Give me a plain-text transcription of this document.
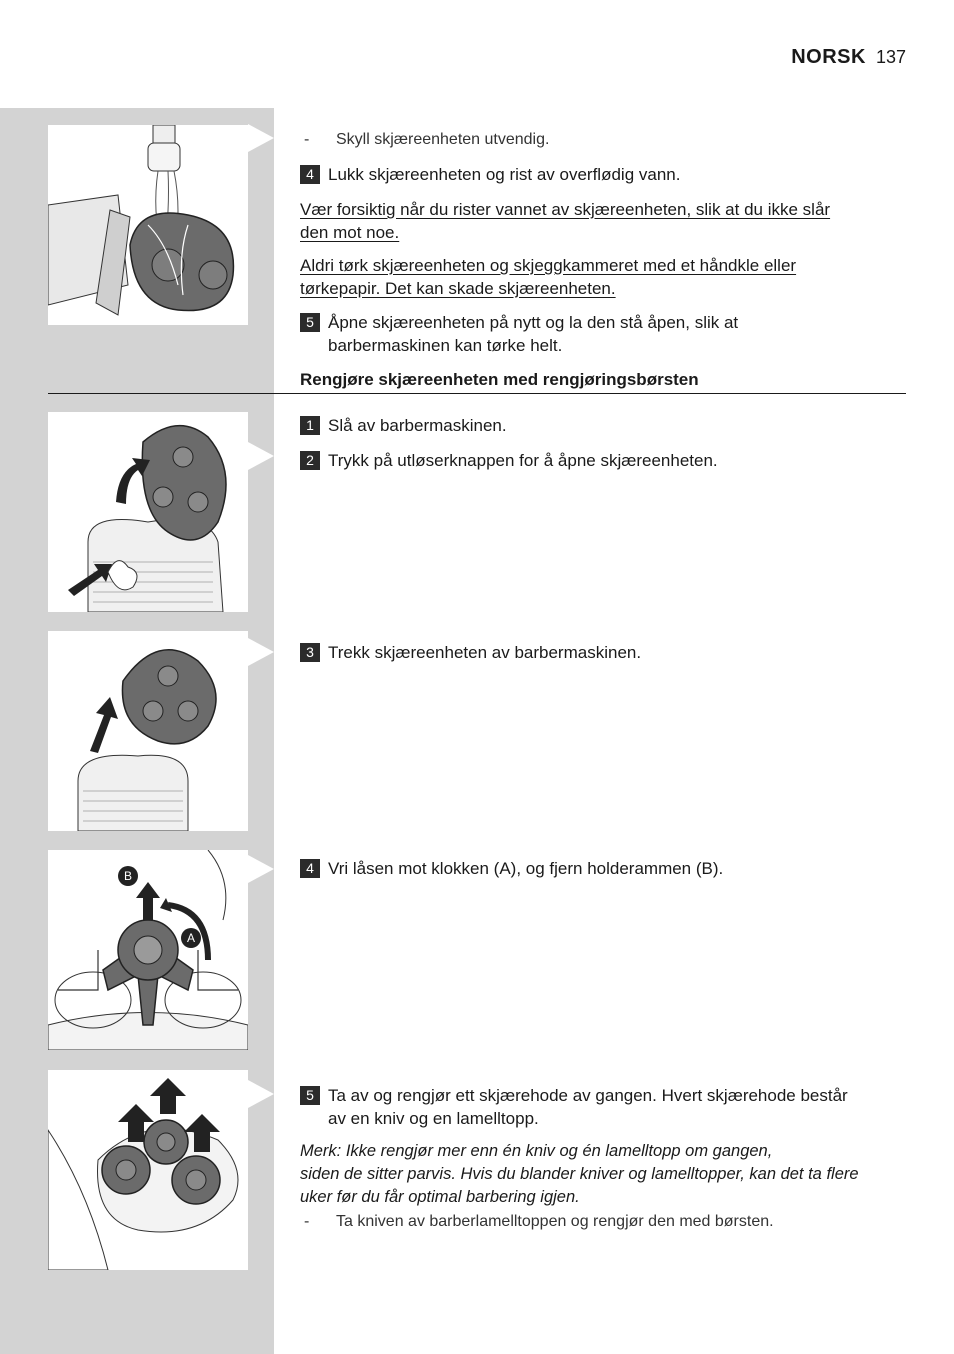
NORSK 137
-	Skyll skjæreenheten utvendig.
4 Lukk skjæreenheten og rist av overflødig vann.
Vær forsiktig når du rister vannet av skjæreenheten, slik at du ikke slår
den mot noe.
Aldri tørk skjæreenheten og skjeggkammeret med et håndkle eller
tørkepapir. Det kan skade skjæreenheten.
5 Åpne skjæreenheten på nytt og la den stå åpen, slik at
barbermaskinen kan tørke helt.
Rengjøre skjæreenheten med rengjøringsbørsten
1 Slå av barbermaskinen.
2 Trykk på utløserknappen for å åpne skjæreenheten.
3 Trekk skjæreenheten av barbermaskinen.
B
A
4 Vri låsen mot klokken (A), og fjern holderammen (B).
5 Ta av og rengjør ett skjærehode av gangen. Hvert skjærehode består
av en kniv og en lamelltopp.
Merk: Ikke rengjør mer enn én kniv og én lamelltopp om gangen,
siden de sitter parvis. Hvis du blander kniver og lamelltopper, kan det ta flere
uker før du får optimal barbering igjen.
-	Ta kniven av barberlamelltoppen og rengjør den med børsten.
